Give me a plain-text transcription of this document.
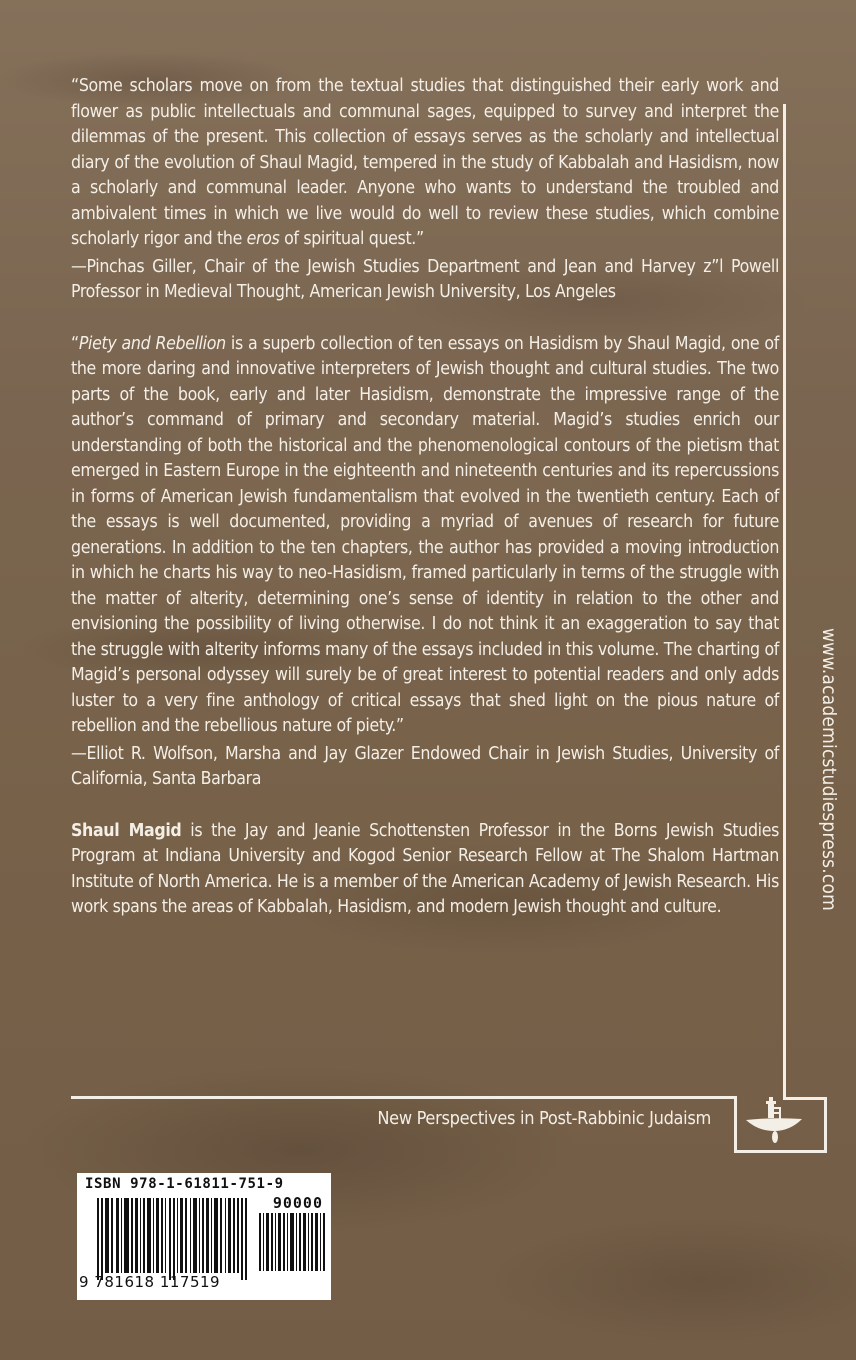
“Some scholars move on from the textual studies that distinguished their early work and flower as public intellectuals and communal sages, equipped to survey and interpret the dilemmas of the present. This collection of essays serves as the scholarly and intellectual diary of the evolution of Shaul Magid, tempered in the study of Kabbalah and Hasidism, now a scholarly and communal leader. Anyone who wants to understand the troubled and ambivalent times in which we live would do well to review these studies, which combine scholarly rigor and the eros of spiritual quest.”

—Pinchas Giller, Chair of the Jewish Studies Department and Jean and Harvey z”l Powell Professor in Medieval Thought, American Jewish University, Los Angeles

“Piety and Rebellion is a superb collection of ten essays on Hasidism by Shaul Magid, one of the more daring and innovative interpreters of Jewish thought and cultural studies. The two parts of the book, early and later Hasidism, demonstrate the impressive range of the author’s command of primary and secondary material. Magid’s studies enrich our understanding of both the historical and the phenomenological contours of the pietism that emerged in Eastern Europe in the eighteenth and nineteenth centuries and its repercussions in forms of American Jewish fundamentalism that evolved in the twentieth century. Each of the essays is well documented, providing a myriad of avenues of research for future generations. In addition to the ten chapters, the author has provided a moving introduction in which he charts his way to neo-Hasidism, framed particularly in terms of the struggle with the matter of alterity, determining one’s sense of identity in relation to the other and envisioning the possibility of living otherwise. I do not think it an exaggeration to say that the struggle with alterity informs many of the essays included in this volume. The charting of Magid’s personal odyssey will surely be of great interest to potential readers and only adds luster to a very fine anthology of critical essays that shed light on the pious nature of rebellion and the rebellious nature of piety.”

—Elliot R. Wolfson, Marsha and Jay Glazer Endowed Chair in Jewish Studies, University of California, Santa Barbara

Shaul Magid is the Jay and Jeanie Schottensten Professor in the Borns Jewish Studies Program at Indiana University and Kogod Senior Research Fellow at The Shalom Hartman Institute of North America. He is a member of the American Academy of Jewish Research. His work spans the areas of Kabbalah, Hasidism, and modern Jewish thought and culture.

New Perspectives in Post-Rabbinic Judaism
www.academicstudiespress.com
ISBN 978-1-61811-751-9
90000
9 781618 117519
